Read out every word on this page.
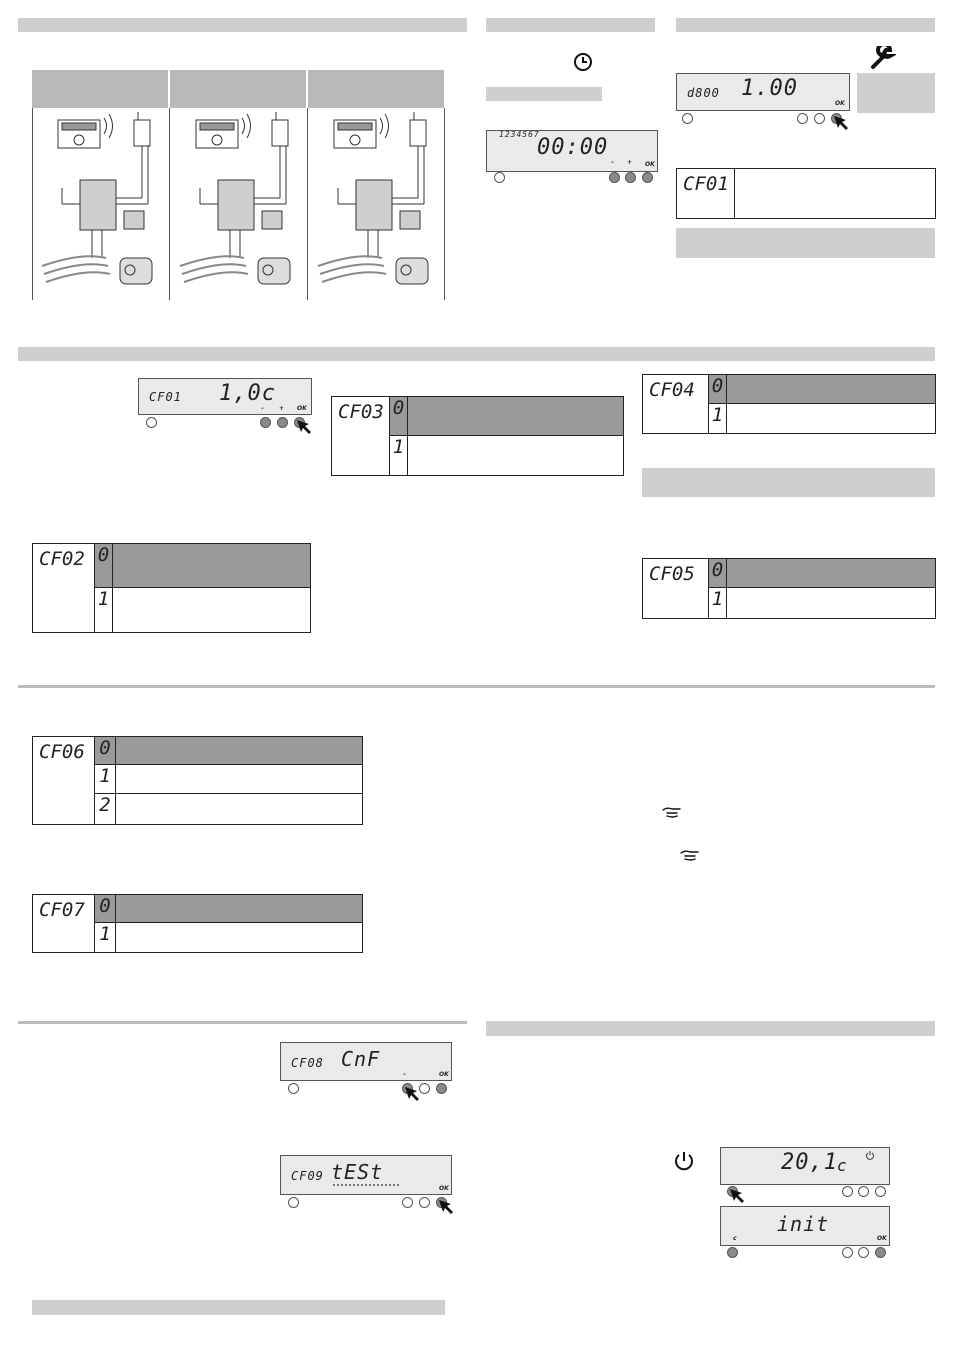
1234567
00:00
– + OK
d800 1.00
OK
CF01
CF01 1,0c
–	+ OK	CF03 0
1
CF04 0
1
CF02 0
1
CF05 0
1
CF06 0
1
2
CF07 0
1
CF08 CnF
–	OK
CF09 tESt
OK
20,1 c
init
c	OK
